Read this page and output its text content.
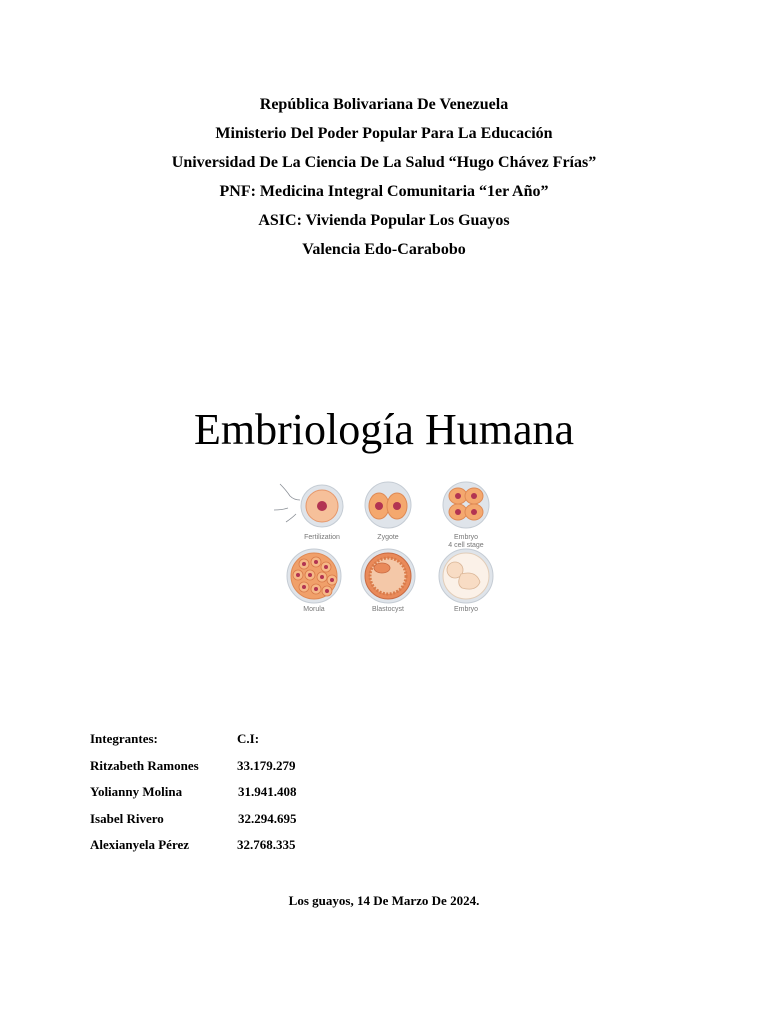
República Bolivariana De Venezuela
Ministerio Del Poder Popular Para La Educación
Universidad De La Ciencia De La Salud “Hugo Chávez Frías”
PNF: Medicina Integral Comunitaria “1er Año”
ASIC: Vivienda Popular Los Guayos
Valencia Edo-Carabobo
Embriología Humana
Fertilization	Zygote	Embryo
4 cell stage
Morula	Blastocyst	Embryo
Integrantes:	C.I:
Ritzabeth Ramones	33.179.279
Yolianny Molina	31.941.408
Isabel Rivero	32.294.695
Alexianyela Pérez	32.768.335
Los guayos, 14 De Marzo De 2024.
